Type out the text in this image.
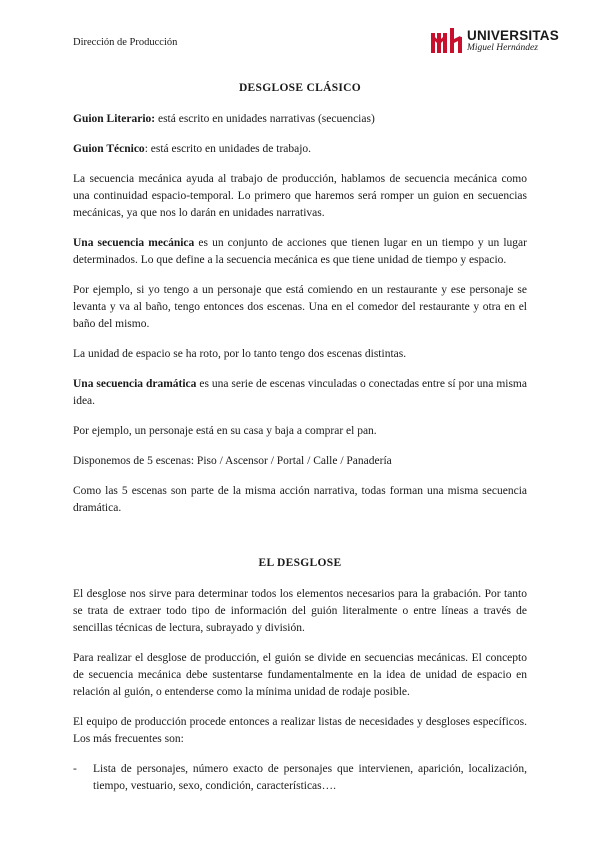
Dirección de Producción	UNIVERSITAS
Miguel Hernández
DESGLOSE CLÁSICO

Guion Literario: está escrito en unidades narrativas (secuencias)

Guion Técnico: está escrito en unidades de trabajo.

La secuencia mecánica ayuda al trabajo de producción, hablamos de secuencia mecánica como una continuidad espacio-temporal. Lo primero que haremos será romper un guion en secuencias mecánicas, ya que nos lo darán en unidades narrativas.

Una secuencia mecánica es un conjunto de acciones que tienen lugar en un tiempo y un lugar determinados. Lo que define a la secuencia mecánica es que tiene unidad de tiempo y espacio.

Por ejemplo, si yo tengo a un personaje que está comiendo en un restaurante y ese personaje se levanta y va al baño, tengo entonces dos escenas. Una en el comedor del restaurante y otra en el baño del mismo.

La unidad de espacio se ha roto, por lo tanto tengo dos escenas distintas.

Una secuencia dramática es una serie de escenas vinculadas o conectadas entre sí por una misma idea.

Por ejemplo, un personaje está en su casa y baja a comprar el pan.

Disponemos de 5 escenas: Piso / Ascensor / Portal / Calle / Panadería

Como las 5 escenas son parte de la misma acción narrativa, todas forman una misma secuencia dramática.

EL DESGLOSE

El desglose nos sirve para determinar todos los elementos necesarios para la grabación. Por tanto se trata de extraer todo tipo de información del guión literalmente o entre líneas a través de sencillas técnicas de lectura, subrayado y división.

Para realizar el desglose de producción, el guión se divide en secuencias mecánicas. El concepto de secuencia mecánica debe sustentarse fundamentalmente en la idea de unidad de espacio en relación al guión, o entenderse como la mínima unidad de rodaje posible.

El equipo de producción procede entonces a realizar listas de necesidades y desgloses específicos. Los más frecuentes son:

- Lista de personajes, número exacto de personajes que intervienen, aparición, localización, tiempo, vestuario, sexo, condición, características….
